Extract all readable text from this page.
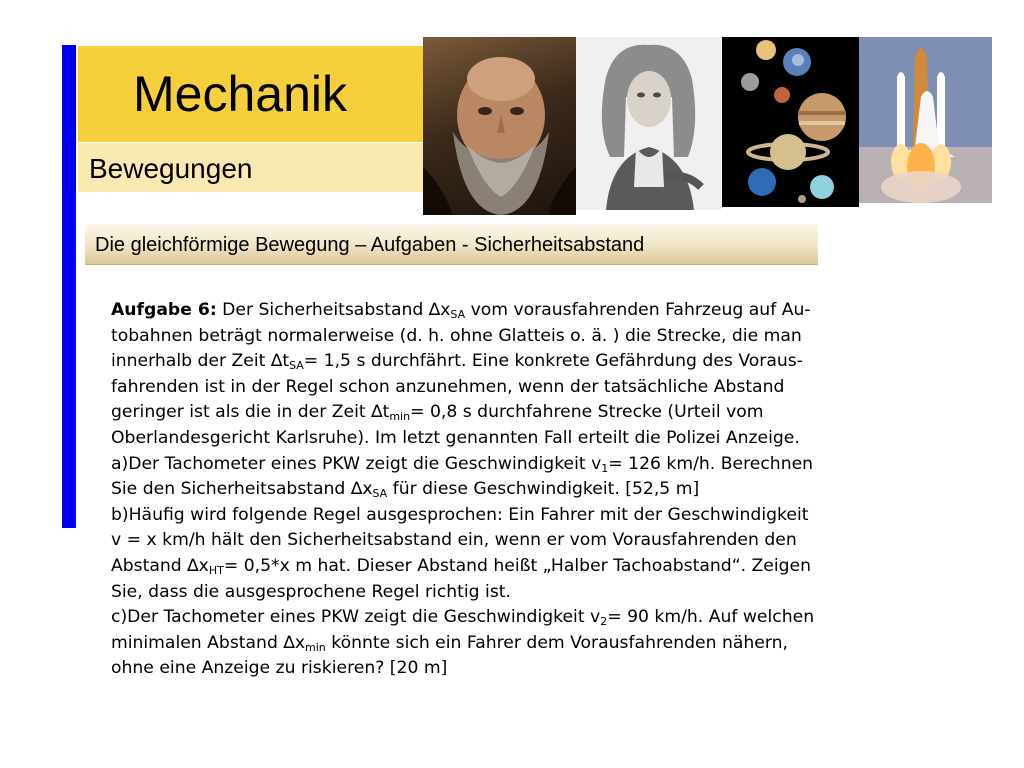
Mechanik
Bewegungen
Die gleichförmige Bewegung – Aufgaben - Sicherheitsabstand

Aufgabe 6: Der Sicherheitsabstand $\Delta x_{SA}$ vom vorausfahrenden Fahrzeug auf Au-

tobahnen beträgt normalerweise (d. h. ohne Glatteis o. ä. ) die Strecke, die man

innerhalb der Zeit $\Delta t_{SA}= 1,5$ s durchfährt. Eine konkrete Gefährdung des Voraus-

fahrenden ist in der Regel schon anzunehmen, wenn der tatsächliche Abstand

geringer ist als die in der Zeit $\Delta t_{min}= 0,8$ s durchfahrene Strecke (Urteil vom

Oberlandesgericht Karlsruhe). Im letzt genannten Fall erteilt die Polizei Anzeige.

a)Der Tachometer eines PKW zeigt die Geschwindigkeit $v_1= 126$ km/h. Berechnen

Sie den Sicherheitsabstand $\Delta x_{SA}$ für diese Geschwindigkeit. [52,5 m]

b)Häufig wird folgende Regel ausgesprochen: Ein Fahrer mit der Geschwindigkeit

v = x km/h hält den Sicherheitsabstand ein, wenn er vom Vorausfahrenden den

Abstand $\Delta x_{HT}= 0,5*x$ m hat. Dieser Abstand heißt „Halber Tachoabstand“. Zeigen

Sie, dass die ausgesprochene Regel richtig ist.

c)Der Tachometer eines PKW zeigt die Geschwindigkeit $v_2= 90$ km/h. Auf welchen

minimalen Abstand $\Delta x_{min}$ könnte sich ein Fahrer dem Vorausfahrenden nähern,

ohne eine Anzeige zu riskieren? [20 m]
